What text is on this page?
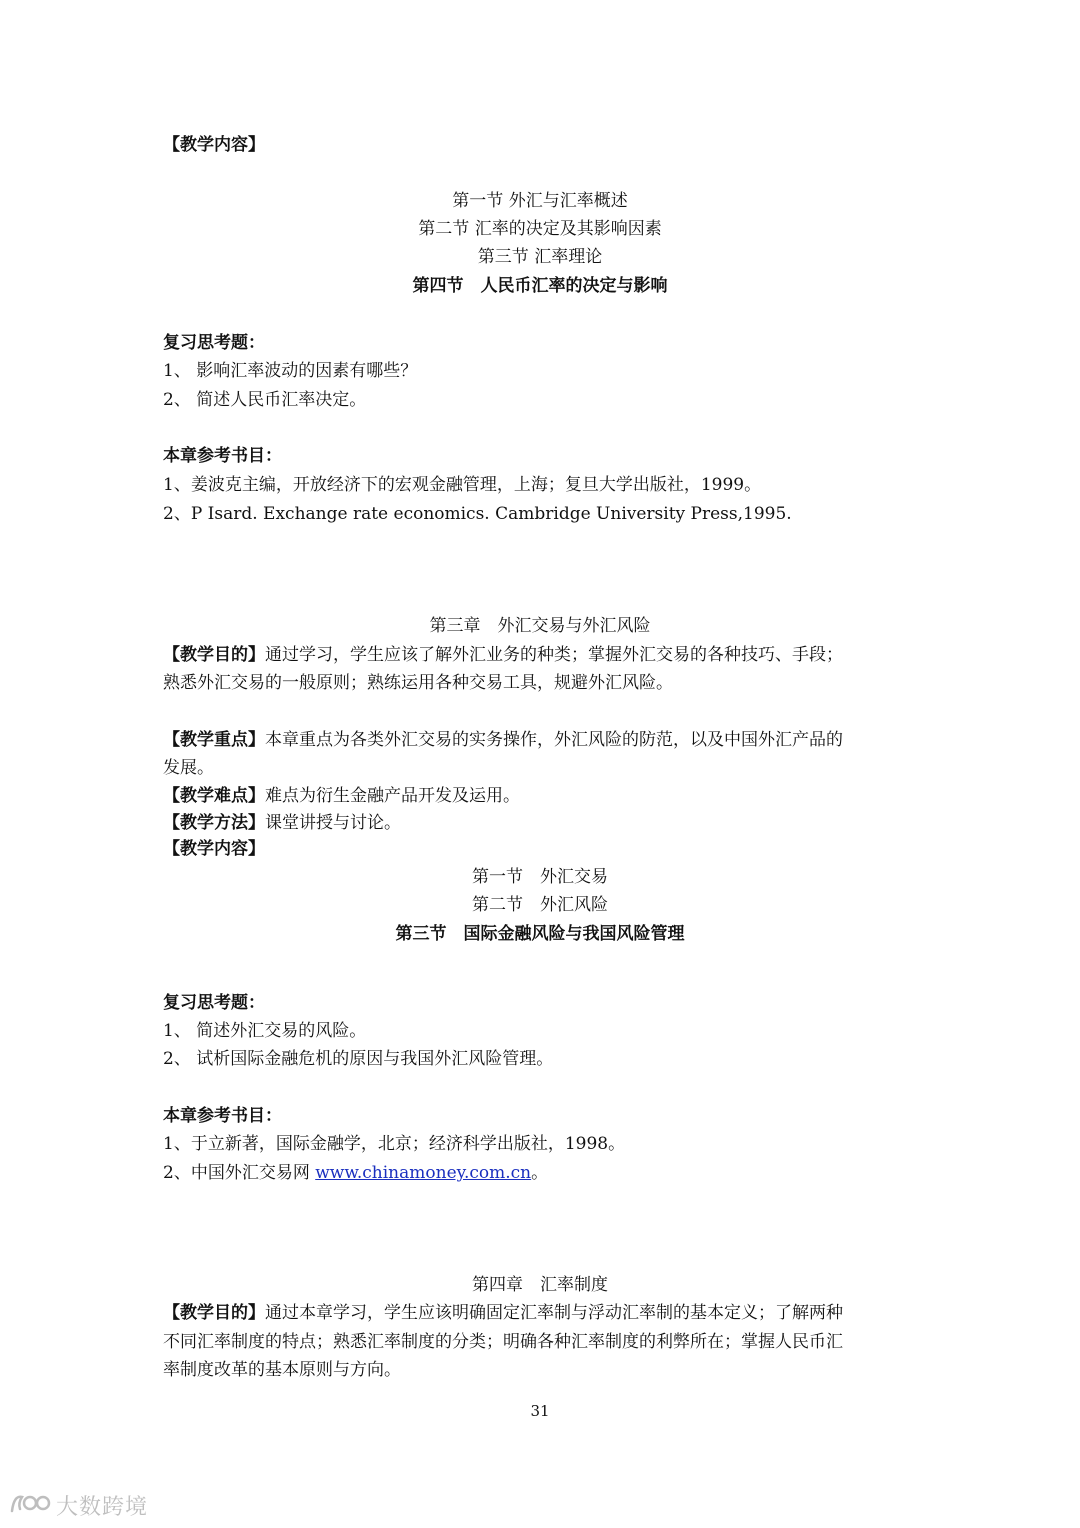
【教学内容】
第一节 外汇与汇率概述
第二节 汇率的决定及其影响因素
第三节 汇率理论
第四节　人民币汇率的决定与影响
复习思考题：
1、 影响汇率波动的因素有哪些？
2、 简述人民币汇率决定。
本章参考书目：
1、姜波克主编，开放经济下的宏观金融管理，上海；复旦大学出版社，1999。
2、P Isard. Exchange rate economics. Cambridge University Press,1995.
第三章　外汇交易与外汇风险
【教学目的】通过学习，学生应该了解外汇业务的种类；掌握外汇交易的各种技巧、手段；
熟悉外汇交易的一般原则；熟练运用各种交易工具，规避外汇风险。
【教学重点】本章重点为各类外汇交易的实务操作，外汇风险的防范，以及中国外汇产品的
发展。
【教学难点】难点为衍生金融产品开发及运用。
【教学方法】课堂讲授与讨论。
【教学内容】
第一节　外汇交易
第二节　外汇风险
第三节　国际金融风险与我国风险管理
复习思考题：
1、 简述外汇交易的风险。
2、 试析国际金融危机的原因与我国外汇风险管理。
本章参考书目：
1、于立新著，国际金融学，北京；经济科学出版社，1998。
2、中国外汇交易网 www.chinamoney.com.cn。
第四章　汇率制度
【教学目的】通过本章学习，学生应该明确固定汇率制与浮动汇率制的基本定义；了解两种
不同汇率制度的特点；熟悉汇率制度的分类；明确各种汇率制度的利弊所在；掌握人民币汇
率制度改革的基本原则与方向。
31
大数跨境
